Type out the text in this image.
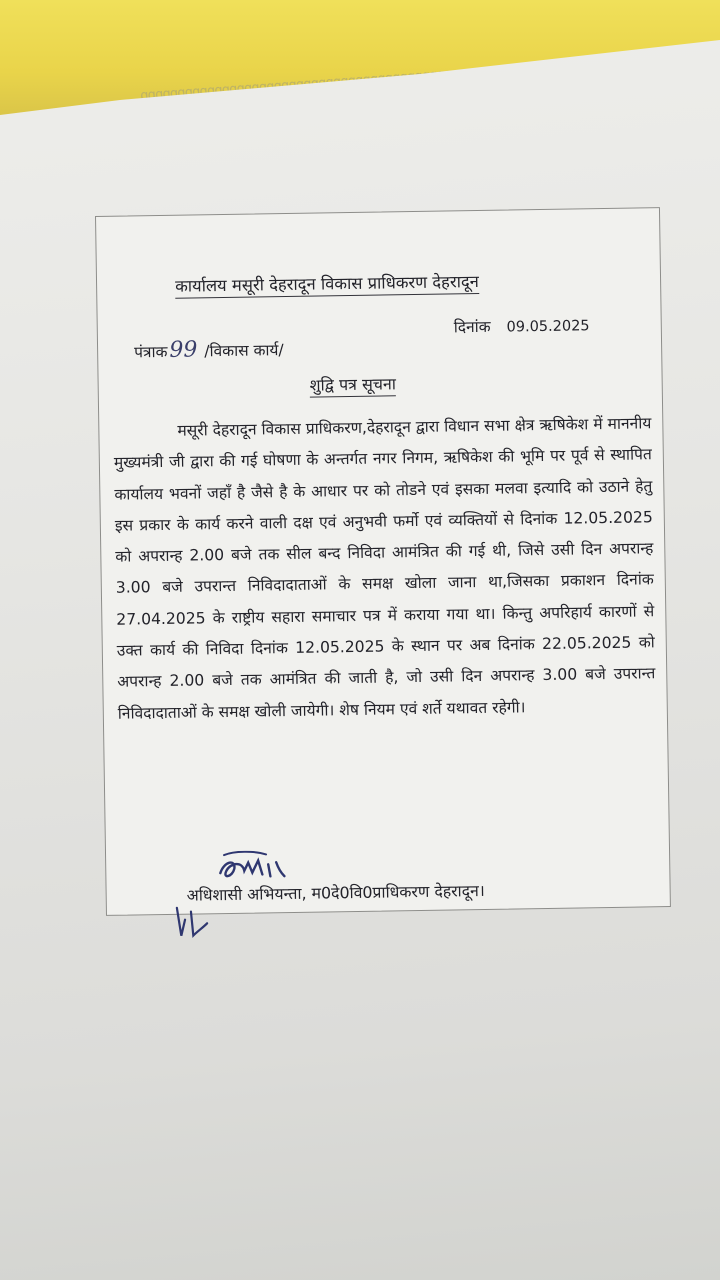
कार्यालय मसूरी देहरादून विकास प्राधिकरण देहरादून
पंत्राक99 /विकास कार्य/
दिनांक 09.05.2025
शुद्वि पत्र सूचना

मसूरी देहरादून विकास प्राधिकरण,देहरादून द्वारा विधान सभा क्षेत्र ऋषिकेश में माननीय मुख्यमंत्री जी द्वारा की गई घोषणा के अन्तर्गत नगर निगम, ऋषिकेश की भूमि पर पूर्व से स्थापित कार्यालय भवनों जहाँ है जैसे है के आधार पर को तोडने एवं इसका मलवा इत्यादि को उठाने हेतु इस प्रकार के कार्य करने वाली दक्ष एवं अनुभवी फर्मो एवं व्यक्तियों से दिनांक 12.05.2025 को अपरान्ह 2.00 बजे तक सील बन्द निविदा आमंत्रित की गई थी, जिसे उसी दिन अपरान्ह 3.00 बजे उपरान्त निविदादाताओं के समक्ष खोला जाना था,जिसका प्रकाशन दिनांक 27.04.2025 के राष्ट्रीय सहारा समाचार पत्र में कराया गया था। किन्तु अपरिहार्य कारणों से उक्त कार्य की निविदा दिनांक 12.05.2025 के स्थान पर अब दिनांक 22.05.2025 को अपरान्ह 2.00 बजे तक आमंत्रित की जाती है, जो उसी दिन अपरान्ह 3.00 बजे उपरान्त निविदादाताओं के समक्ष खोली जायेगी। शेष नियम एवं शर्ते यथावत रहेगी।

अधिशासी अभियन्ता, म0दे0वि0प्राधिकरण देहरादून।
